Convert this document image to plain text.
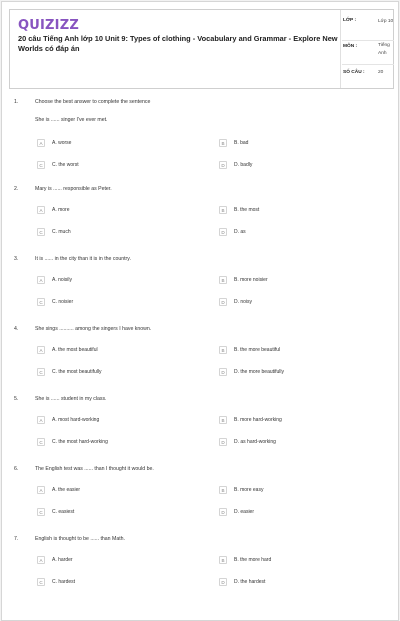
QUIZIZZ
20 câu Tiếng Anh lớp 10 Unit 9: Types of clothing - Vocabulary and Grammar - Explore New Worlds có đáp án
LỚP :	Lớp 10
MÔN :	Tiếng Anh
SỐ CÂU :	20
1.	Choose the best answer to complete the sentence
She is ...... singer I've ever met.
A	A. worse	B	B. bad
C	C. the worst	D	D. badly
2.	Mary is ...... responsible as Peter.
A	A. more	B	B. the most
C	C. much	D	D. as
3.	It is ...... in the city than it is in the country.
A	A. noisily	B	B. more noisier
C	C. noisier	D	D. noisy
4.	She sings .......... among the singers I have known.
A	A. the most beautiful	B	B. the more beautiful
C	C. the most beautifully	D	D. the more beautifully
5.	She is ...... student in my class.
A	A. most hard-working	B	B. more hard-working
C	C. the most hard-working	D	D. as hard-working
6.	The English test was ...... than I thought it would be.
A	A. the easier	B	B. more easy
C	C. easiest	D	D. easier
7.	English is thought to be ...... than Math.
A	A. harder	B	B. the more hard
C	C. hardest	D	D. the hardest
